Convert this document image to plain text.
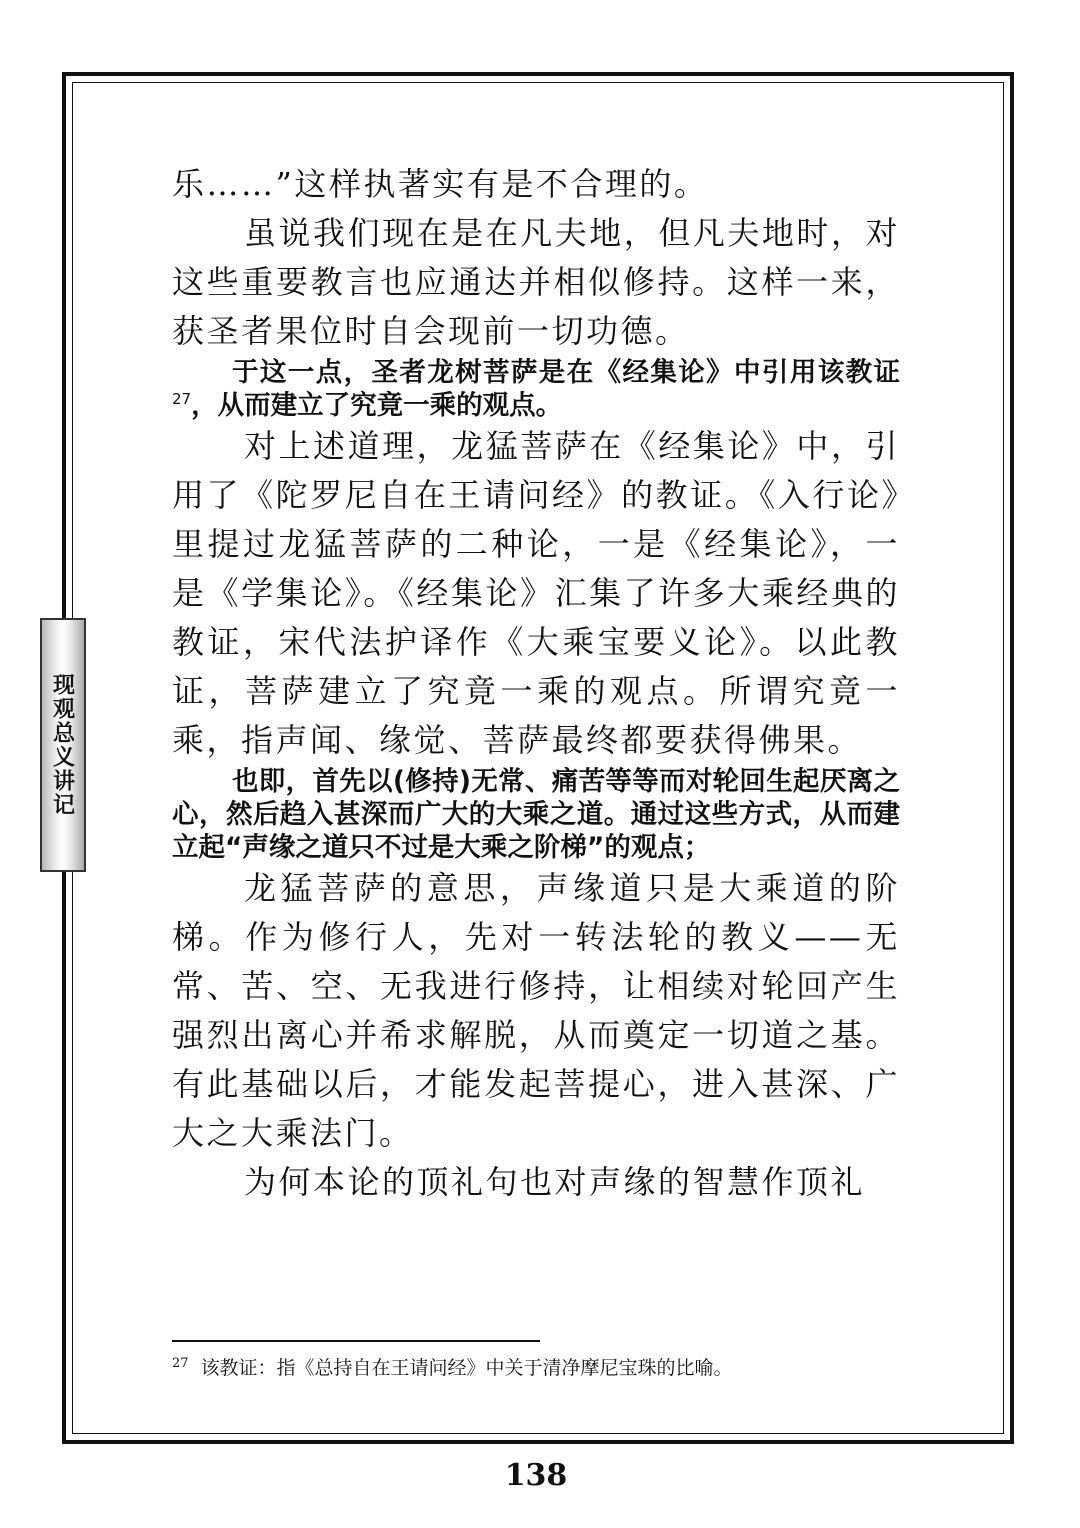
现观总义讲记

乐……”这样执著实有是不合理的。

虽说我们现在是在凡夫地，但凡夫地时，对这些重要教言也应通达并相似修持。这样一来，获圣者果位时自会现前一切功德。

于这一点，圣者龙树菩萨是在《经集论》中引用该教证$^{27}$，从而建立了究竟一乘的观点。

对上述道理，龙猛菩萨在《经集论》中，引用了《陀罗尼自在王请问经》的教证。《入行论》里提过龙猛菩萨的二种论，一是《经集论》，一是《学集论》。《经集论》汇集了许多大乘经典的教证，宋代法护译作《大乘宝要义论》。以此教证，菩萨建立了究竟一乘的观点。所谓究竟一乘，指声闻、缘觉、菩萨最终都要获得佛果。

也即，首先以(修持)无常、痛苦等等而对轮回生起厌离之心，然后趋入甚深而广大的大乘之道。通过这些方式，从而建立起“声缘之道只不过是大乘之阶梯”的观点；

龙猛菩萨的意思，声缘道只是大乘道的阶梯。作为修行人，先对一转法轮的教义——无常、苦、空、无我进行修持，让相续对轮回产生强烈出离心并希求解脱，从而奠定一切道之基。有此基础以后，才能发起菩提心，进入甚深、广大之大乘法门。

为何本论的顶礼句也对声缘的智慧作顶礼

$^{27}$ 该教证：指《总持自在王请问经》中关于清净摩尼宝珠的比喻。
138
